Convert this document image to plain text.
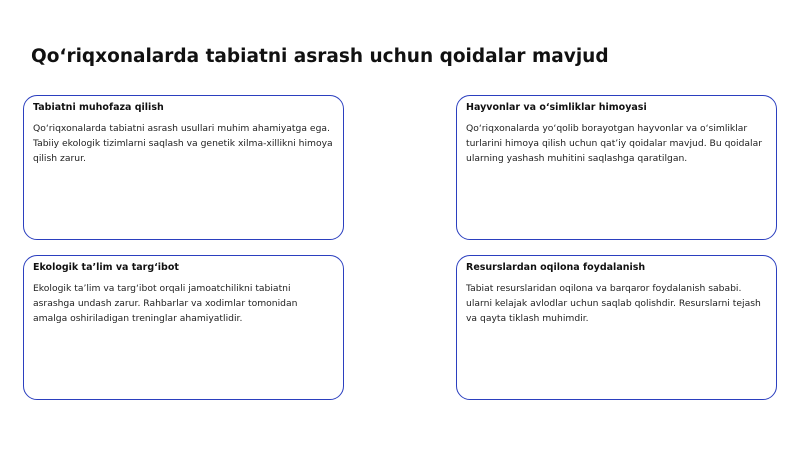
Qo‘riqxonalarda tabiatni asrash uchun qoidalar mavjud
Tabiatni muhofaza qilish

Qo‘riqxonalarda tabiatni asrash usullari muhim ahamiyatga ega. Tabiiy ekologik tizimlarni saqlash va genetik xilma-xillikni himoya qilish zarur.

Hayvonlar va o‘simliklar himoyasi

Qo‘riqxonalarda yo‘qolib borayotgan hayvonlar va o‘simliklar turlarini himoya qilish uchun qat’iy qoidalar mavjud. Bu qoidalar ularning yashash muhitini saqlashga qaratilgan.

Ekologik ta’lim va targ‘ibot

Ekologik ta’lim va targ‘ibot orqali jamoatchilikni tabiatni asrashga undash zarur. Rahbarlar va xodimlar tomonidan amalga oshiriladigan treninglar ahamiyatlidir.

Resurslardan oqilona foydalanish

Tabiat resurslaridan oqilona va barqaror foydalanish sababi. ularni kelajak avlodlar uchun saqlab qolishdir. Resurslarni tejash va qayta tiklash muhimdir.
